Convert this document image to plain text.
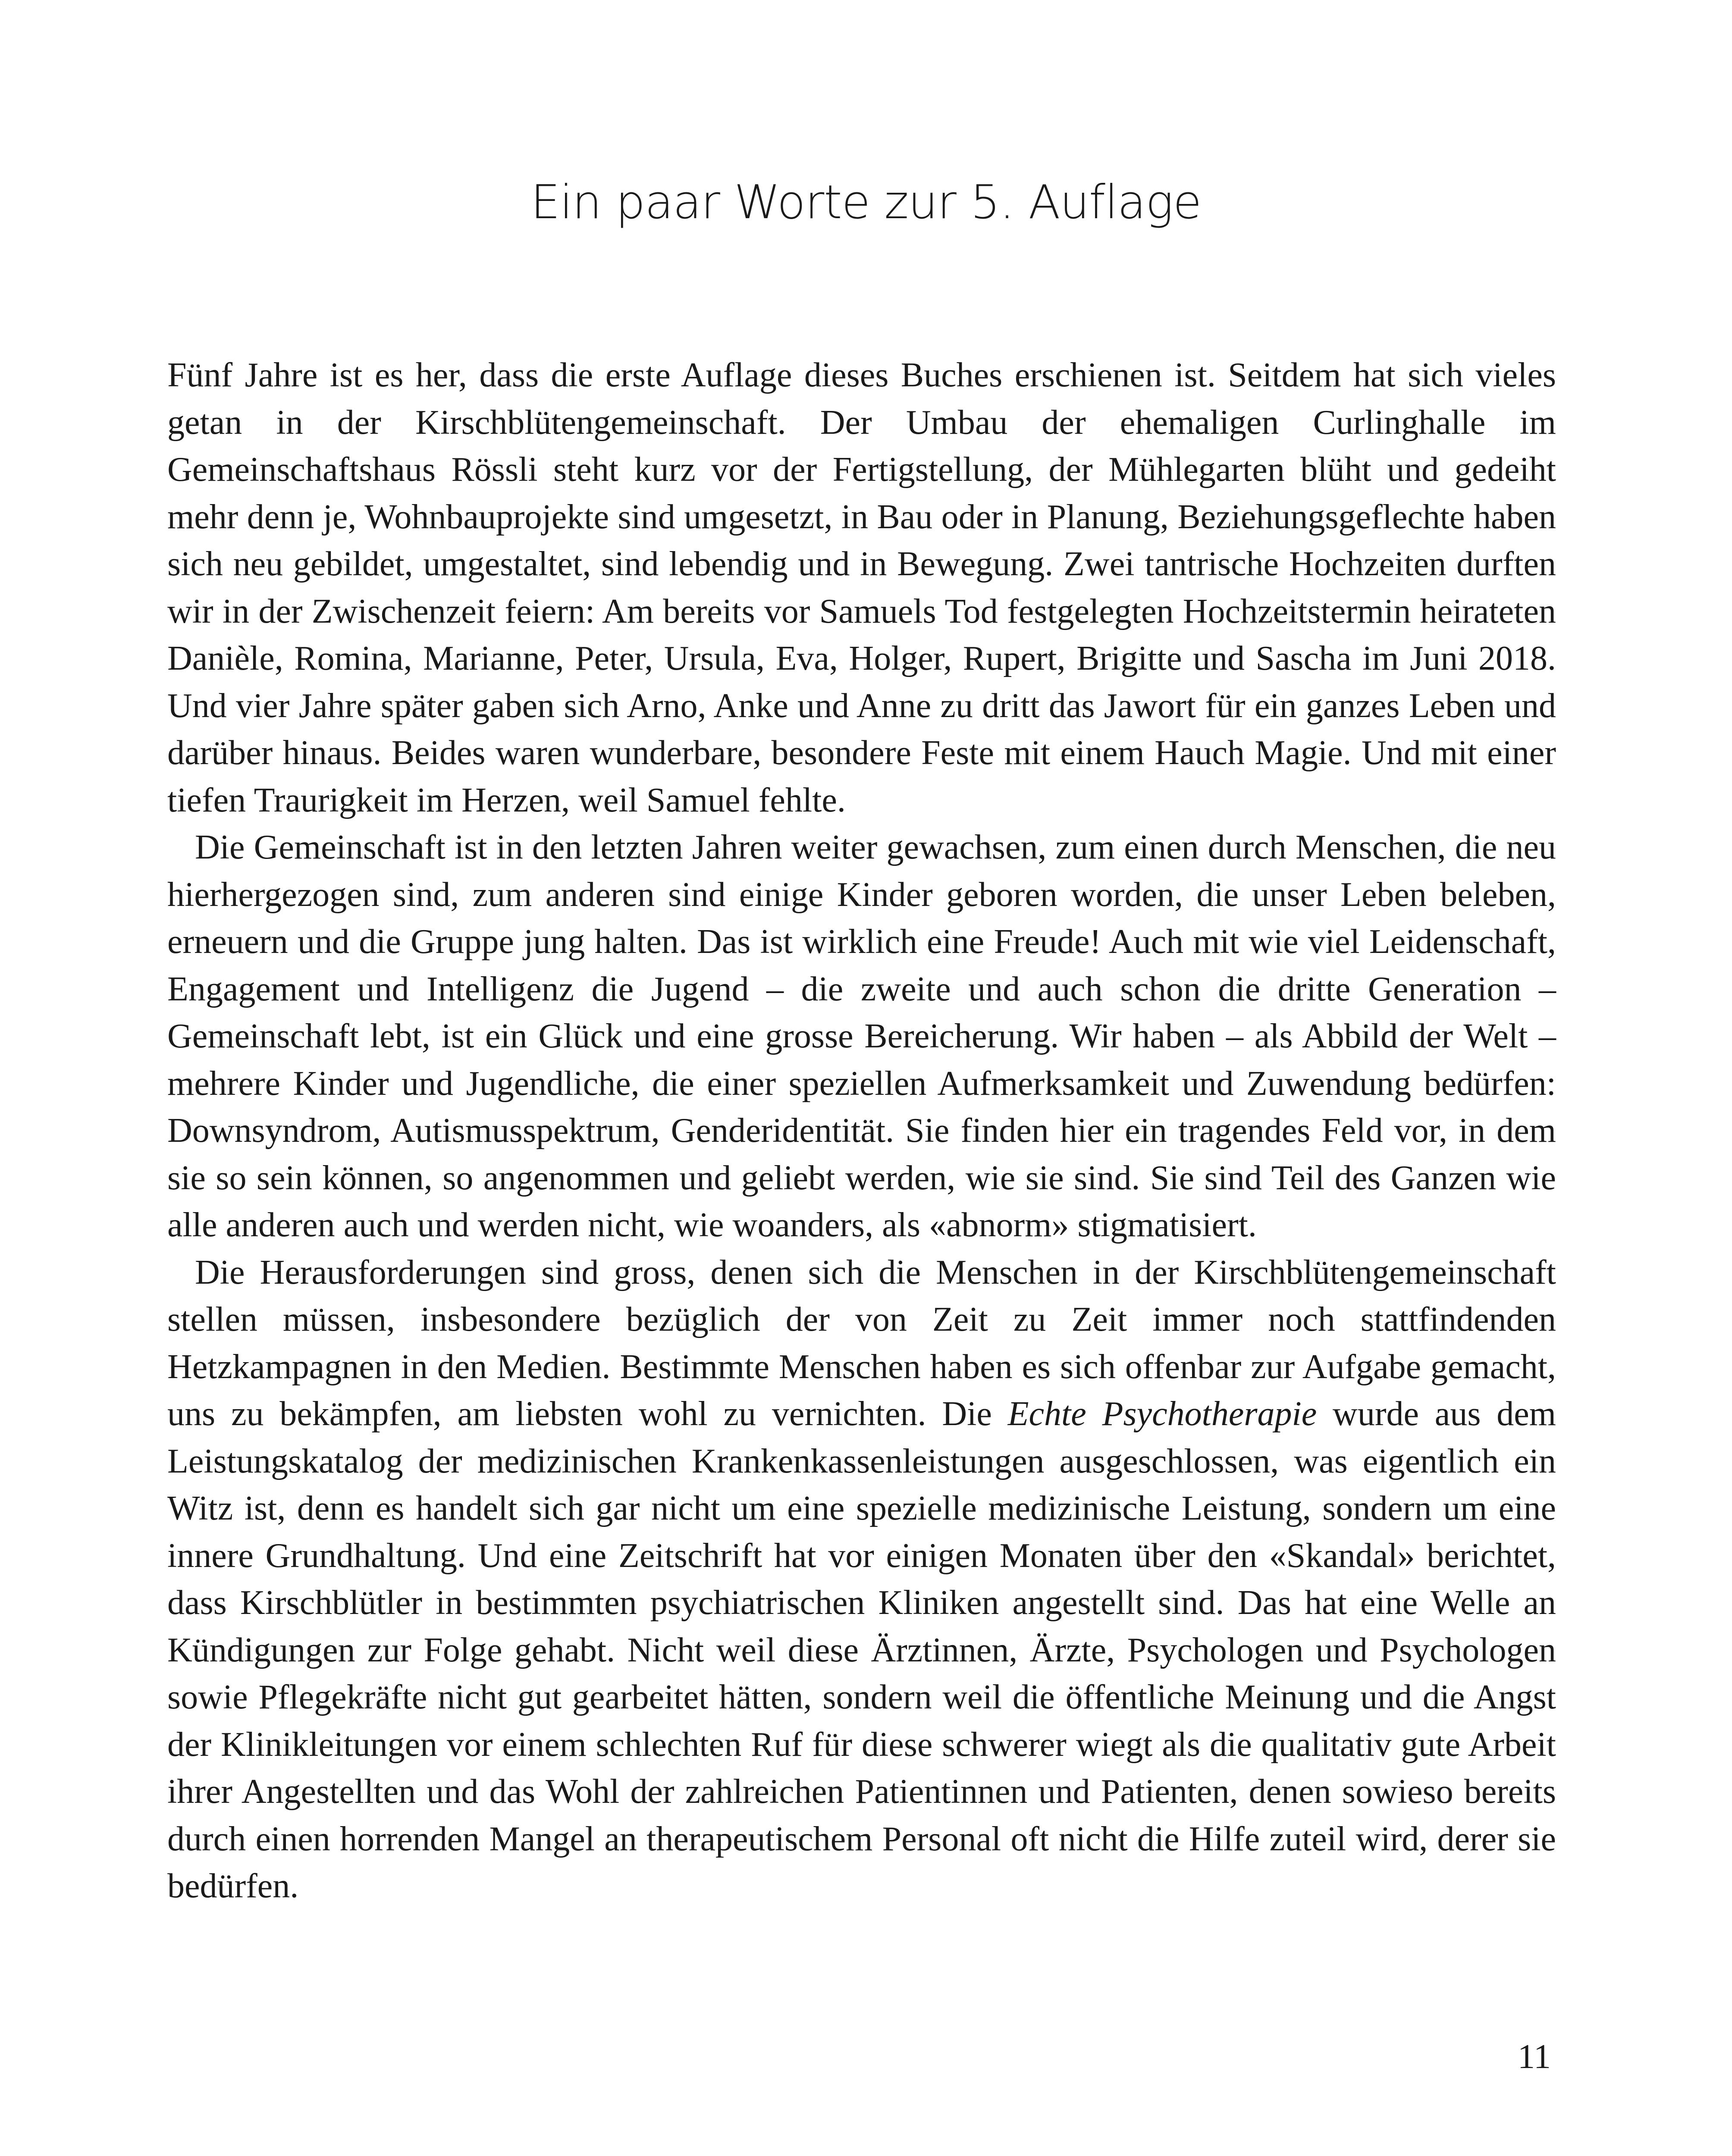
Ein paar Worte zur 5. Auflage

Fünf Jahre ist es her, dass die erste Auflage dieses Buches erschienen ist. Seitdem hat sich vieles getan in der Kirschblütengemeinschaft. Der Umbau der ehemaligen Curlinghalle im Gemeinschaftshaus Rössli steht kurz vor der Fertigstellung, der Mühlegarten blüht und gedeiht mehr denn je, Wohnbauprojekte sind umgesetzt, in Bau oder in Planung, Beziehungsgeflechte haben sich neu gebildet, umgestaltet, sind lebendig und in Bewegung. Zwei tantrische Hochzeiten durften wir in der Zwischenzeit feiern: Am bereits vor Samuels Tod festgelegten Hochzeitstermin heirateten Danièle, Romina, Marianne, Peter, Ursula, Eva, Holger, Rupert, Brigitte und Sascha im Juni 2018. Und vier Jahre später gaben sich Arno, Anke und Anne zu dritt das Jawort für ein ganzes Leben und darüber hinaus. Beides waren wunderbare, besondere Feste mit einem Hauch Magie. Und mit einer tiefen Traurigkeit im Herzen, weil Samuel fehlte.

Die Gemeinschaft ist in den letzten Jahren weiter gewachsen, zum einen durch Menschen, die neu hierhergezogen sind, zum anderen sind einige Kinder geboren worden, die unser Leben beleben, erneuern und die Gruppe jung halten. Das ist wirklich eine Freude! Auch mit wie viel Leidenschaft, Engagement und Intelligenz die Jugend – die zweite und auch schon die dritte Generation – Gemeinschaft lebt, ist ein Glück und eine grosse Bereicherung. Wir haben – als Abbild der Welt – mehrere Kinder und Jugendliche, die einer speziellen Aufmerksamkeit und Zuwendung bedürfen: Downsyndrom, Autismusspektrum, Genderidentität. Sie finden hier ein tragendes Feld vor, in dem sie so sein können, so angenommen und geliebt werden, wie sie sind. Sie sind Teil des Ganzen wie alle anderen auch und werden nicht, wie woanders, als «abnorm» stigmatisiert.

Die Herausforderungen sind gross, denen sich die Menschen in der Kirschblütengemeinschaft stellen müssen, insbesondere bezüglich der von Zeit zu Zeit immer noch stattfindenden Hetzkampagnen in den Medien. Bestimmte Menschen haben es sich offenbar zur Aufgabe gemacht, uns zu bekämpfen, am liebsten wohl zu vernichten. Die Echte Psychotherapie wurde aus dem Leistungskatalog der medizinischen Krankenkassenleistungen ausgeschlossen, was eigentlich ein Witz ist, denn es handelt sich gar nicht um eine spezielle medizinische Leistung, sondern um eine innere Grundhaltung. Und eine Zeitschrift hat vor einigen Monaten über den «Skandal» berichtet, dass Kirschblütler in bestimmten psychiatrischen Kliniken angestellt sind. Das hat eine Welle an Kündigungen zur Folge gehabt. Nicht weil diese Ärztinnen, Ärzte, Psychologen und Psychologen sowie Pflegekräfte nicht gut gearbeitet hätten, sondern weil die öffentliche Meinung und die Angst der Klinikleitungen vor einem schlechten Ruf für diese schwerer wiegt als die qualitativ gute Arbeit ihrer Angestellten und das Wohl der zahlreichen Patientinnen und Patienten, denen sowieso bereits durch einen horrenden Mangel an therapeutischem Personal oft nicht die Hilfe zuteil wird, derer sie bedürfen.

11
